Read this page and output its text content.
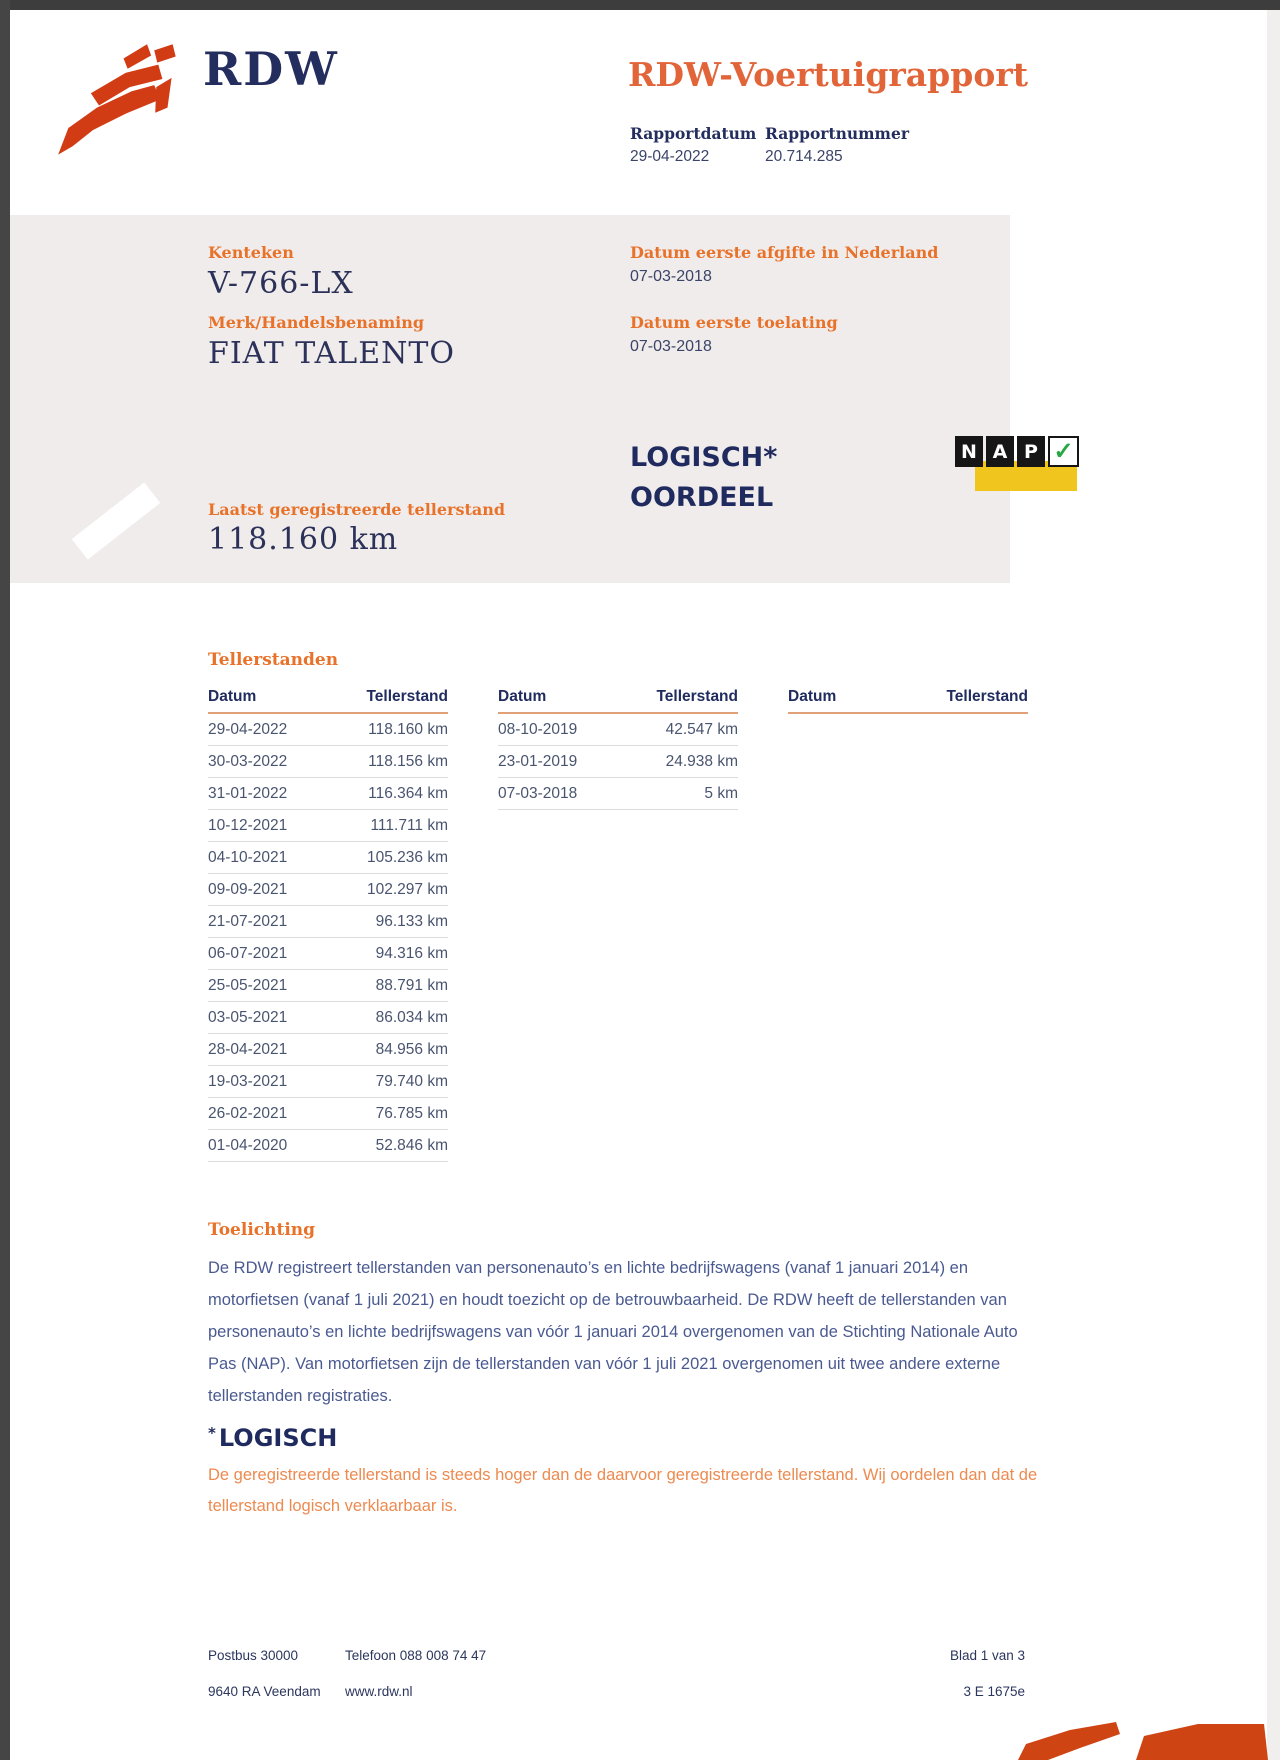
RDW	RDW-Voertuigrapport
Rapportdatum Rapportnummer
29-04-2022	20.714.285
Kenteken
V-766-LX
Merk/Handelsbenaming
FIAT TALENTO
Datum eerste afgifte in Nederland
07-03-2018
Datum eerste toelating
07-03-2018
LOGISCH*
OORDEEL
N A P ✓
Laatst geregistreerde tellerstand
118.160 km
Tellerstanden
Datum	Tellerstand
29-04-2022	118.160 km
30-03-2022	118.156 km
31-01-2022	116.364 km
10-12-2021	111.711 km
04-10-2021	105.236 km
09-09-2021	102.297 km
21-07-2021	96.133 km
06-07-2021	94.316 km
25-05-2021	88.791 km
03-05-2021	86.034 km
28-04-2021	84.956 km
19-03-2021	79.740 km
26-02-2021	76.785 km
01-04-2020	52.846 km
Datum	Tellerstand
08-10-2019	42.547 km
23-01-2019	24.938 km
07-03-2018	5 km
Datum	Tellerstand
Toelichting
De RDW registreert tellerstanden van personenauto’s en lichte bedrijfswagens (vanaf 1 januari 2014) en motorfietsen (vanaf 1 juli 2021) en houdt toezicht op de betrouwbaarheid. De RDW heeft de tellerstanden van personenauto’s en lichte bedrijfswagens van vóór 1 januari 2014 overgenomen van de Stichting Nationale Auto Pas (NAP). Van motorfietsen zijn de tellerstanden van vóór 1 juli 2021 overgenomen uit twee andere externe tellerstanden registraties.
* LOGISCH
De geregistreerde tellerstand is steeds hoger dan de daarvoor geregistreerde tellerstand. Wij oordelen dan dat de tellerstand logisch verklaarbaar is.
Postbus 30000
9640 RA Veendam
Telefoon 088 008 74 47
www.rdw.nl
Blad 1 van 3
3 E 1675e
